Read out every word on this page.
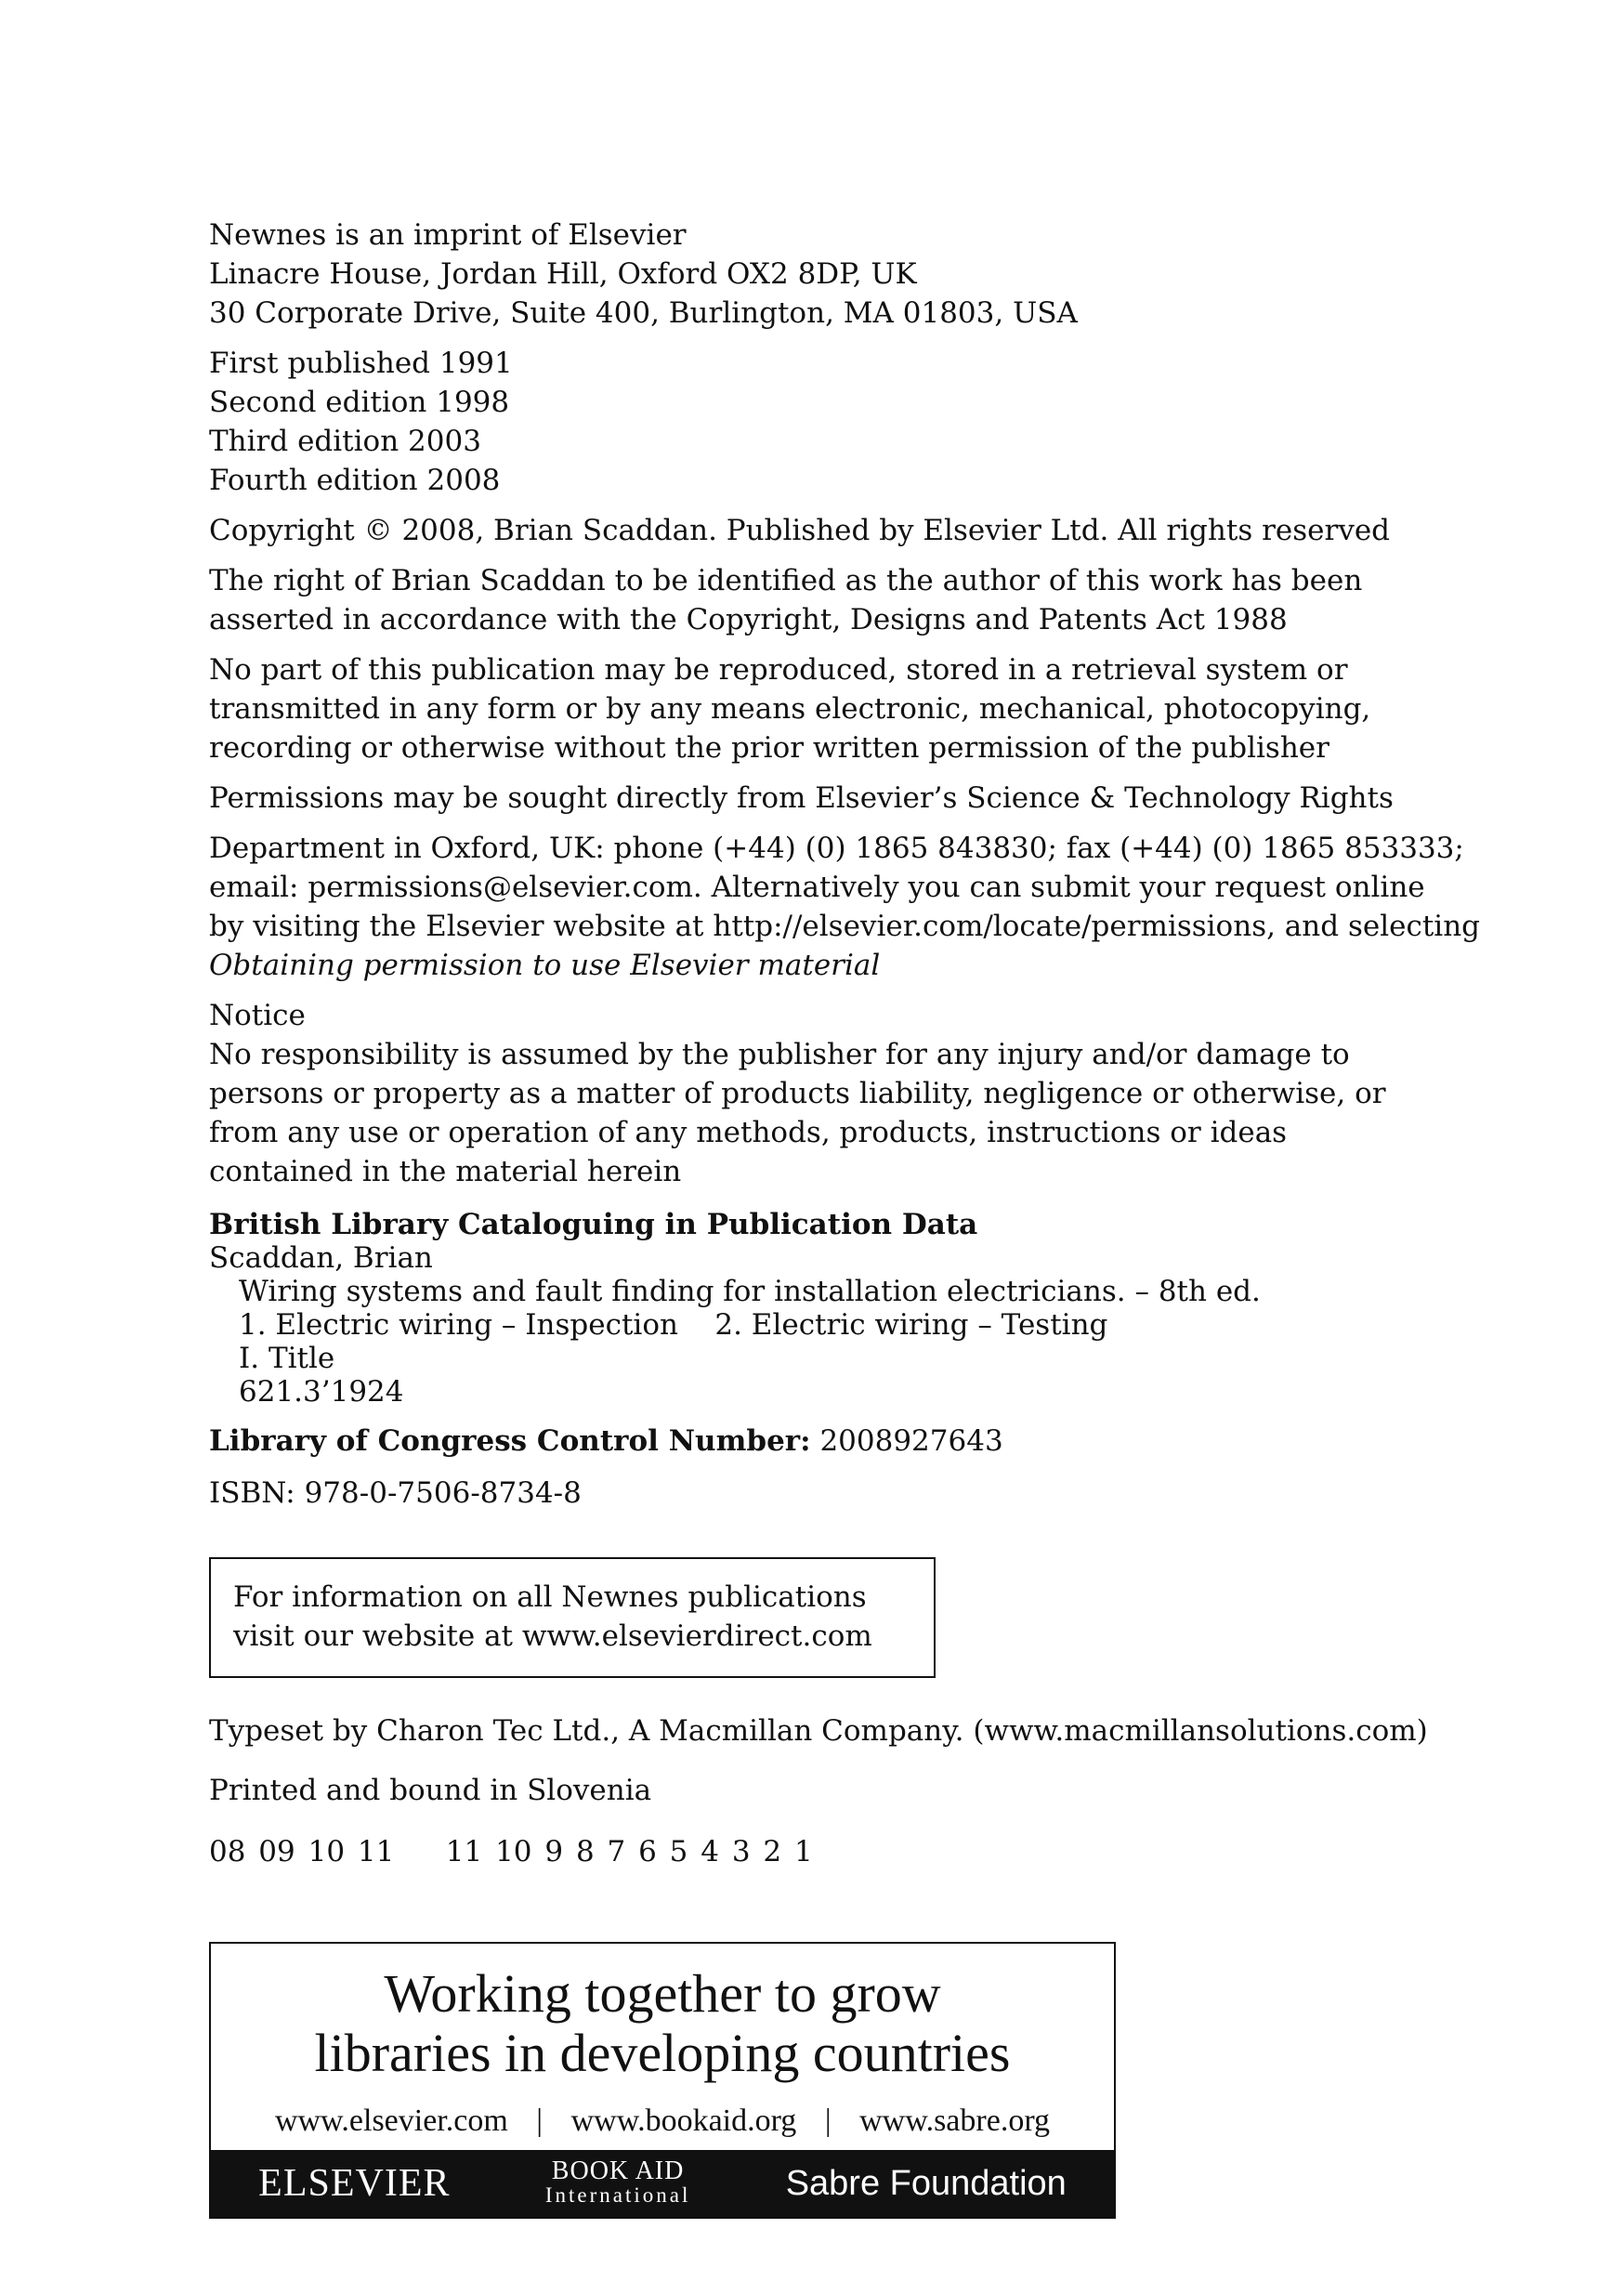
Newnes is an imprint of Elsevier
Linacre House, Jordan Hill, Oxford OX2 8DP, UK
30 Corporate Drive, Suite 400, Burlington, MA 01803, USA
First published 1991
Second edition 1998
Third edition 2003
Fourth edition 2008
Copyright © 2008, Brian Scaddan. Published by Elsevier Ltd. All rights reserved
The right of Brian Scaddan to be identified as the author of this work has been
asserted in accordance with the Copyright, Designs and Patents Act 1988
No part of this publication may be reproduced, stored in a retrieval system or
transmitted in any form or by any means electronic, mechanical, photocopying,
recording or otherwise without the prior written permission of the publisher
Permissions may be sought directly from Elsevier’s Science & Technology Rights
Department in Oxford, UK: phone (+44) (0) 1865 843830; fax (+44) (0) 1865 853333;
email: permissions@elsevier.com. Alternatively you can submit your request online
by visiting the Elsevier website at http://elsevier.com/locate/permissions, and selecting
Obtaining permission to use Elsevier material
Notice
No responsibility is assumed by the publisher for any injury and/or damage to
persons or property as a matter of products liability, negligence or otherwise, or
from any use or operation of any methods, products, instructions or ideas
contained in the material herein
British Library Cataloguing in Publication Data
Scaddan, Brian
Wiring systems and fault finding for installation electricians. – 8th ed.
1. Electric wiring – Inspection    2. Electric wiring – Testing
I. Title
621.3’1924
Library of Congress Control Number: 2008927643
ISBN: 978-0-7506-8734-8
For information on all Newnes publications
visit our website at www.elsevierdirect.com
Typeset by Charon Tec Ltd., A Macmillan Company. (www.macmillansolutions.com)
Printed and bound in Slovenia
08 09 10 11    11 10 9 8 7 6 5 4 3 2 1
Working together to grow
libraries in developing countries
www.elsevier.com | www.bookaid.org | www.sabre.org
ELSEVIER	BOOK AID
International	Sabre Foundation
